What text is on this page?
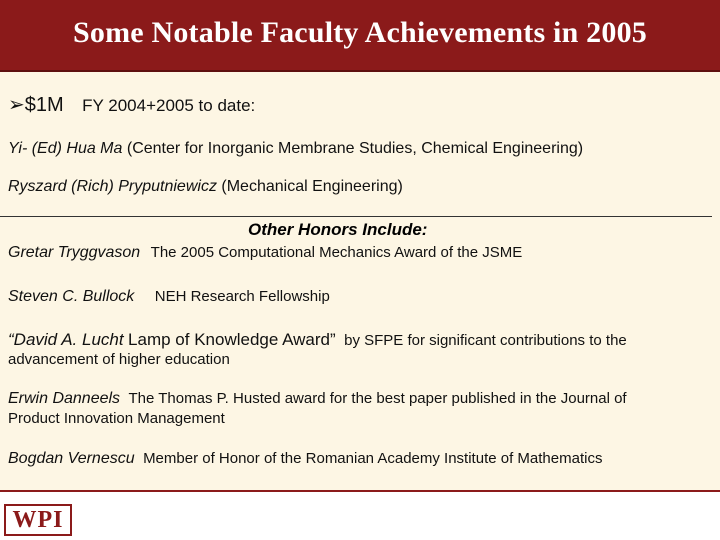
Some Notable Faculty Achievements in 2005
➢$1M FY 2004+2005 to date:
Yi- (Ed) Hua Ma (Center for Inorganic Membrane Studies, Chemical Engineering)
Ryszard (Rich) Pryputniewicz (Mechanical Engineering)
Other Honors Include:
Gretar Tryggvason The 2005 Computational Mechanics Award of the JSME
Steven C. Bullock NEH Research Fellowship
“David A. Lucht Lamp of Knowledge Award” by SFPE for significant contributions to the
advancement of higher education
Erwin Danneels The Thomas P. Husted award for the best paper published in the Journal of
Product Innovation Management
Bogdan Vernescu Member of Honor of the Romanian Academy Institute of Mathematics
WPI
